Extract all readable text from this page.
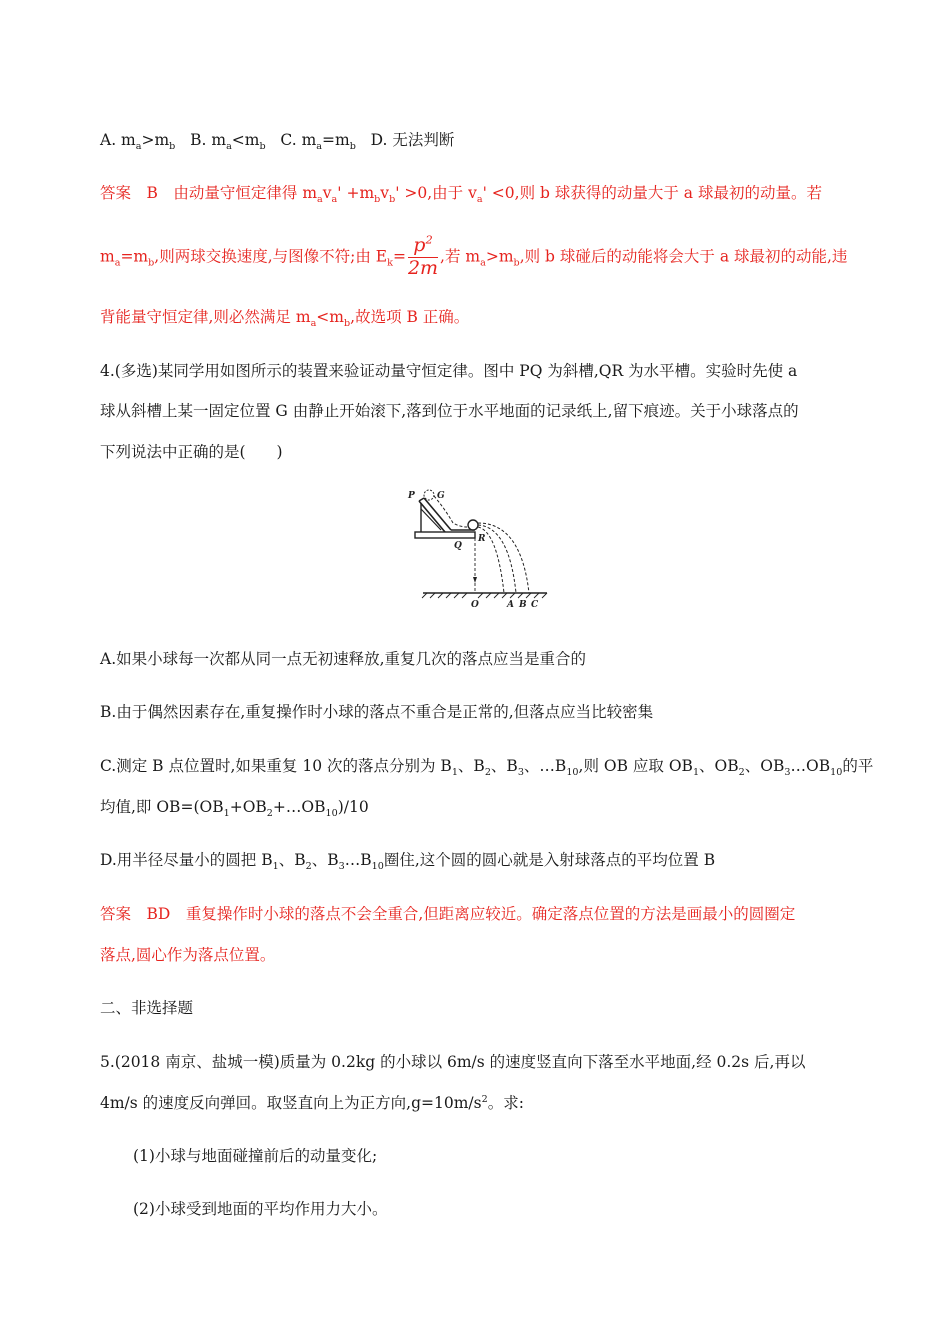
A. $m_a>m_b$   B. $m_a<m_b$   C. $m_a=m_b$   D. 无法判断
答案　B　由动量守恒定律得 $m_av_a' +m_bv_b' >0$,由于 $v_a' <0$,则 b 球获得的动量大于 a 球最初的动量。若
$m_a=m_b$,则两球交换速度,与图像不符;由 $E_k= \frac{p^2}{2m}$ ,若 $m_a>m_b$,则 b 球碰后的动能将会大于 a 球最初的动能,违
背能量守恒定律,则必然满足 $m_a<m_b$,故选项 B 正确。
4.(多选)某同学用如图所示的装置来验证动量守恒定律。图中 PQ 为斜槽,QR 为水平槽。实验时先使 a
球从斜槽上某一固定位置 G 由静止开始滚下,落到位于水平地面的记录纸上,留下痕迹。关于小球落点的
下列说法中正确的是(　　)
P G
Q
R
O	A B C
A.如果小球每一次都从同一点无初速释放,重复几次的落点应当是重合的
B.由于偶然因素存在,重复操作时小球的落点不重合是正常的,但落点应当比较密集
C.测定 B 点位置时,如果重复 10 次的落点分别为 $B_1$、$B_2$、$B_3$、$\dots B_{10}$,则 OB 应取 $OB_1$、$OB_2$、$OB_3\dots OB_{10}$的平
均值,即 $OB=(OB_1+OB_2+\dots OB_{10})/10$
D.用半径尽量小的圆把 $B_1$、$B_2$、$B_3\dots B_{10}$圈住,这个圆的圆心就是入射球落点的平均位置 B
答案　BD　重复操作时小球的落点不会全重合,但距离应较近。确定落点位置的方法是画最小的圆圈定
落点,圆心作为落点位置。
二、非选择题
5.(2018 南京、盐城一模)质量为 0.2kg 的小球以 6m/s 的速度竖直向下落至水平地面,经 0.2s 后,再以
4m/s 的速度反向弹回。取竖直向上为正方向$,g=10m/s^2$。求:
(1)小球与地面碰撞前后的动量变化;
(2)小球受到地面的平均作用力大小。
